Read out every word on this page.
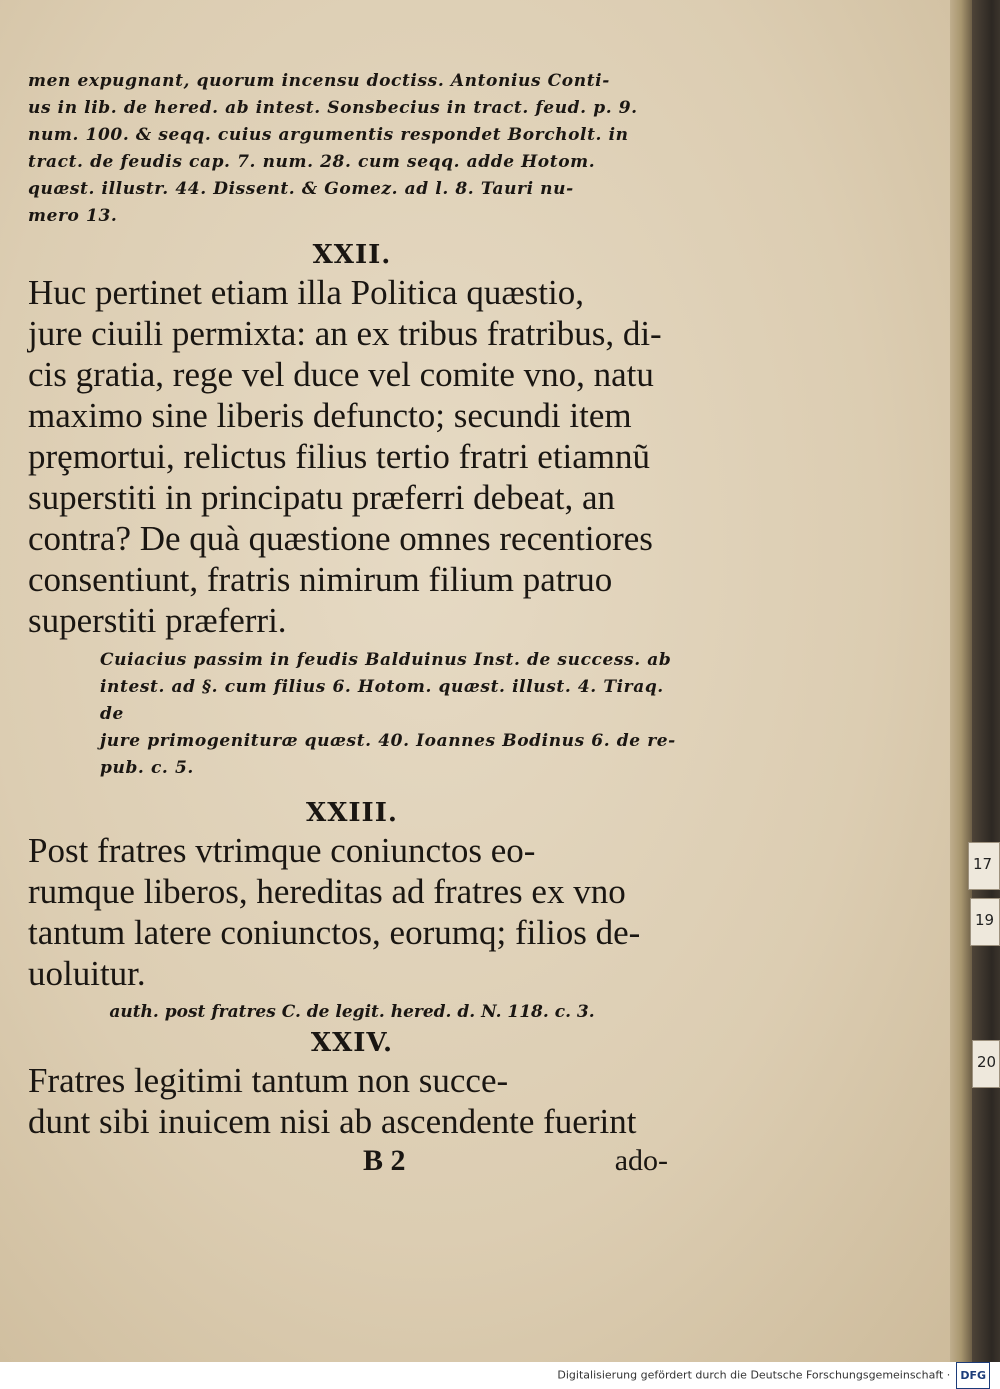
men expugnant, quorum incensu doctiss. Antonius Conti-
us in lib. de hered. ab intest. Sonsbecius in tract. feud. p. 9.
num. 100. & seqq. cuius argumentis respondet Borcholt. in
tract. de feudis cap. 7. num. 28. cum seqq. adde Hotom.
quæst. illustr. 44. Dissent. & Gomez. ad l. 8. Tauri nu-
mero 13.

XXII.

Huc pertinet etiam illa Politica quæstio,
jure ciuili permixta: an ex tribus fratribus, di-
cis gratia, rege vel duce vel comite vno, natu
maximo sine liberis defuncto; secundi item
prȩmortui, relictus filius tertio fratri etiamnũ
superstiti in principatu præferri debeat, an
contra? De quà quæstione omnes recentiores
consentiunt, fratris nimirum filium patruo
superstiti præferri.

Cuiacius passim in feudis Balduinus Inst. de success. ab
intest. ad §. cum filius 6. Hotom. quæst. illust. 4. Tiraq. de
jure primogenituræ quæst. 40. Ioannes Bodinus 6. de re-
pub. c. 5.

XXIII.

Post fratres vtrimque coniunctos eo-
rumque liberos, hereditas ad fratres ex vno
tantum latere coniunctos, eorumq; filios de-
uoluitur.

auth. post fratres C. de legit. hered. d. N. 118. c. 3.

XXIV.

Fratres legitimi tantum non succe-
dunt sibi inuicem nisi ab ascendente fuerint

B 2	ado-
17
19
20
Digitalisierung gefördert durch die Deutsche Forschungsgemeinschaft · DFG
